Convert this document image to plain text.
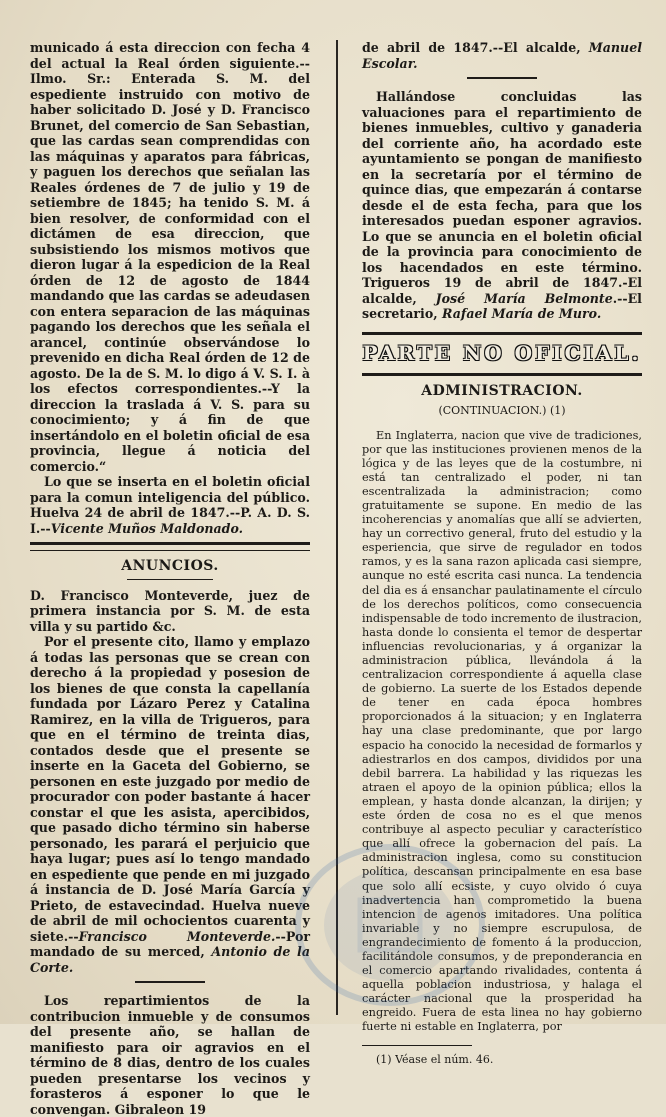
municado á esta direccion con fecha 4 del actual la Real órden siguiente.--Ilmo. Sr.: Enterada S. M. del espediente instruido con motivo de haber solicitado D. José y D. Francisco Brunet, del comercio de San Sebastian, que las cardas sean comprendidas con las máquinas y aparatos para fábricas, y paguen los derechos que señalan las Reales órdenes de 7 de julio y 19 de setiembre de 1845; ha tenido S. M. á bien resolver, de conformidad con el dictámen de esa direccion, que subsistiendo los mismos motivos que dieron lugar á la espedicion de la Real órden de 12 de agosto de 1844 mandando que las cardas se adeudasen con entera separacion de las máquinas pagando los derechos que les señala el arancel, continúe observándose lo prevenido en dicha Real órden de 12 de agosto. De la de S. M. lo digo á V. S. I. à los efectos correspondientes.--Y la direccion la traslada á V. S. para su conocimiento; y á fin de que insertándolo en el boletin oficial de esa provincia, llegue á noticia del comercio.“

Lo que se inserta en el boletin oficial para la comun inteligencia del público. Huelva 24 de abril de 1847.--P. A. D. S. I.--Vicente Muños Maldonado.

ANUNCIOS.

D. Francisco Monteverde, juez de primera instancia por S. M. de esta villa y su partido &c.

Por el presente cito, llamo y emplazo á todas las personas que se crean con derecho á la propiedad y posesion de los bienes de que consta la capellanía fundada por Lázaro Perez y Catalina Ramirez, en la villa de Trigueros, para que en el término de treinta dias, contados desde que el presente se inserte en la Gaceta del Gobierno, se personen en este juzgado por medio de procurador con poder bastante á hacer constar el que les asista, apercibidos, que pasado dicho término sin haberse personado, les parará el perjuicio que haya lugar; pues así lo tengo mandado en espediente que pende en mi juzgado á instancia de D. José María García y Prieto, de estavecindad. Huelva nueve de abril de mil ochocientos cuarenta y siete.--Francisco Monteverde.--Por mandado de su merced, Antonio de la Corte.

Los repartimientos de la contribucion inmueble y de consumos del presente año, se hallan de manifiesto para oir agravios en el término de 8 dias, dentro de los cuales pueden presentarse los vecinos y forasteros á esponer lo que le convengan. Gibraleon 19

de abril de 1847.--El alcalde, Manuel Escolar.

Hallándose concluidas las valuaciones para el repartimiento de bienes inmuebles, cultivo y ganaderia del corriente año, ha acordado este ayuntamiento se pongan de manifiesto en la secretaría por el término de quince dias, que empezarán á contarse desde el de esta fecha, para que los interesados puedan esponer agravios. Lo que se anuncia en el boletin oficial de la provincia para conocimiento de los hacendados en este término. Trigueros 19 de abril de 1847.-El alcalde, José María Belmonte.--El secretario, Rafael María de Muro.

PARTE NO OFICIAL.
ADMINISTRACION.
(CONTINUACION.) (1)

En Inglaterra, nacion que vive de tradiciones, por que las instituciones provienen menos de la lógica y de las leyes que de la costumbre, ni está tan centralizado el poder, ni tan escentralizada la administracion; como gratuitamente se supone. En medio de las incoherencias y anomalías que allí se advierten, hay un correctivo general, fruto del estudio y la esperiencia, que sirve de regulador en todos ramos, y es la sana razon aplicada casi siempre, aunque no esté escrita casi nunca. La tendencia del dia es á ensanchar paulatinamente el círculo de los derechos políticos, como consecuencia indispensable de todo incremento de ilustracion, hasta donde lo consienta el temor de despertar influencias revolucionarias, y á organizar la administracion pública, llevándola á la centralizacion correspondiente á aquella clase de gobierno. La suerte de los Estados depende de tener en cada época hombres proporcionados á la situacion; y en Inglaterra hay una clase predominante, que por largo espacio ha conocido la necesidad de formarlos y adiestrarlos en dos campos, divididos por una debil barrera. La habilidad y las riquezas les atraen el apoyo de la opinion pública; ellos la emplean, y hasta donde alcanzan, la dirijen; y este órden de cosa no es el que menos contribuye al aspecto peculiar y característico que allí ofrece la gobernacion del país. La administracion inglesa, como su constitucion política, descansan principalmente en esa base que solo allí ecsiste, y cuyo olvido ó cuya inadvertencia han comprometido la buena intencion de agenos imitadores. Una política invariable y no siempre escrupulosa, de engrandecimiento de fomento á la produccion, facilitándole consumos, y de preponderancia en el comercio apartando rivalidades, contenta á aquella poblacion industriosa, y halaga el carácter nacional que la prosperidad ha engreido. Fuera de esta linea no hay gobierno fuerte ni estable en Inglaterra, por

(1) Véase el núm. 46.
